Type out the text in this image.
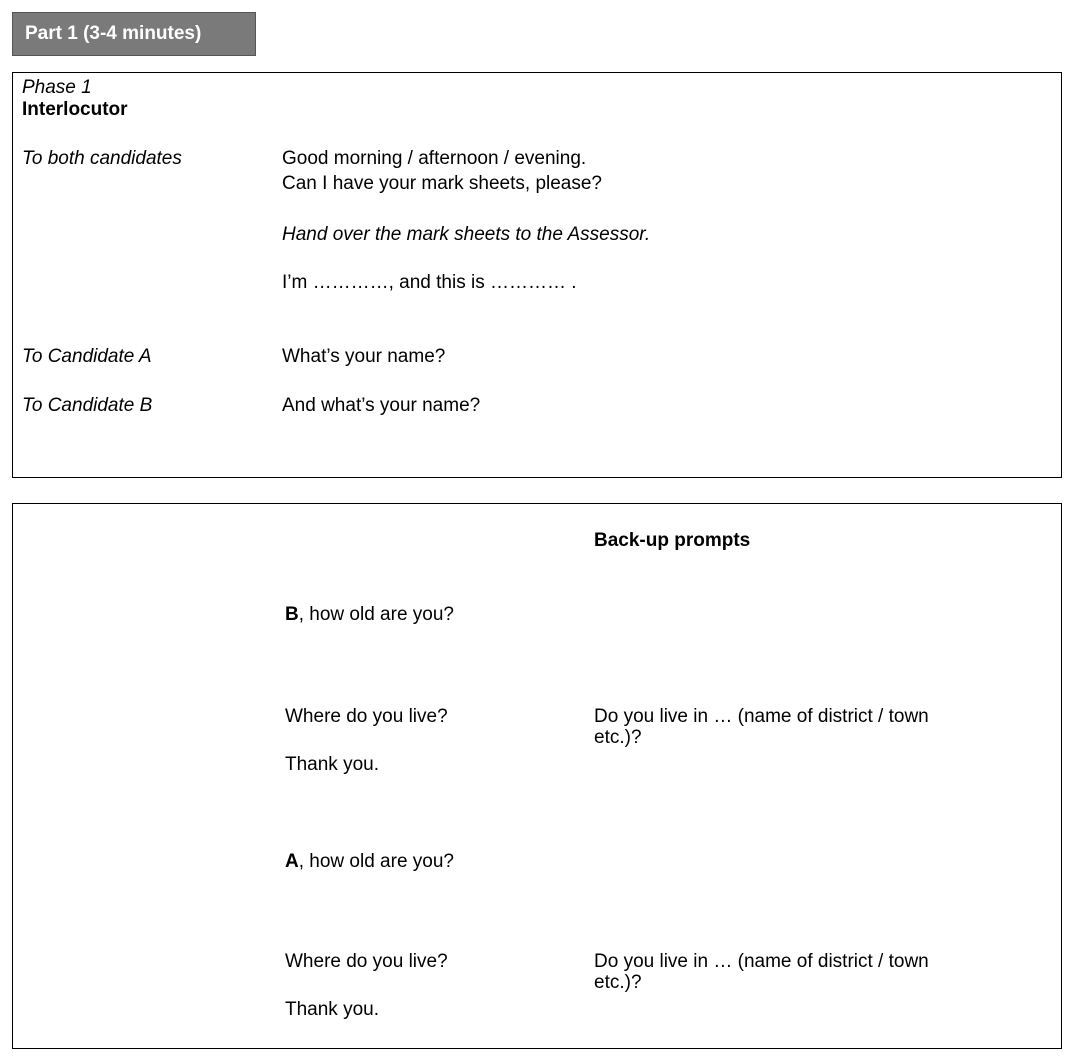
Part 1 (3-4 minutes)
Phase 1
Interlocutor
To both candidates	Good morning / afternoon / evening.
Can I have your mark sheets, please?
Hand over the mark sheets to the Assessor.
I’m …………, and this is ………… .
To Candidate A	What’s your name?
To Candidate B	And what’s your name?
Back-up prompts
B, how old are you?
Where do you live?	Do you live in … (name of district / town
etc.)?
Thank you.
A, how old are you?
Where do you live?	Do you live in … (name of district / town
etc.)?
Thank you.
